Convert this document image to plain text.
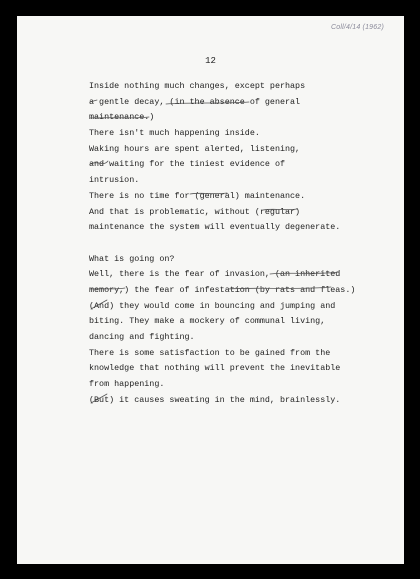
Coll/4/14 (1962)
12
Inside nothing much changes, except perhaps
a gentle decay, (in the absence of general
maintenance.)
There isn't much happening inside.
Waking hours are spent alerted, listening,
and waiting for the tiniest evidence of
intrusion.
There is no time for (general) maintenance.
And that is problematic, without (regular)
maintenance the system will eventually degenerate.
What is going on?
Well, there is the fear of invasion, (an inherited
memory,) the fear of infestation (by rats and fleas.)
(And) they would come in bouncing and jumping and
biting. They make a mockery of communal living,
dancing and fighting.
There is some satisfaction to be gained from the
knowledge that nothing will prevent the inevitable
from happening.
(But) it causes sweating in the mind, brainlessly.
